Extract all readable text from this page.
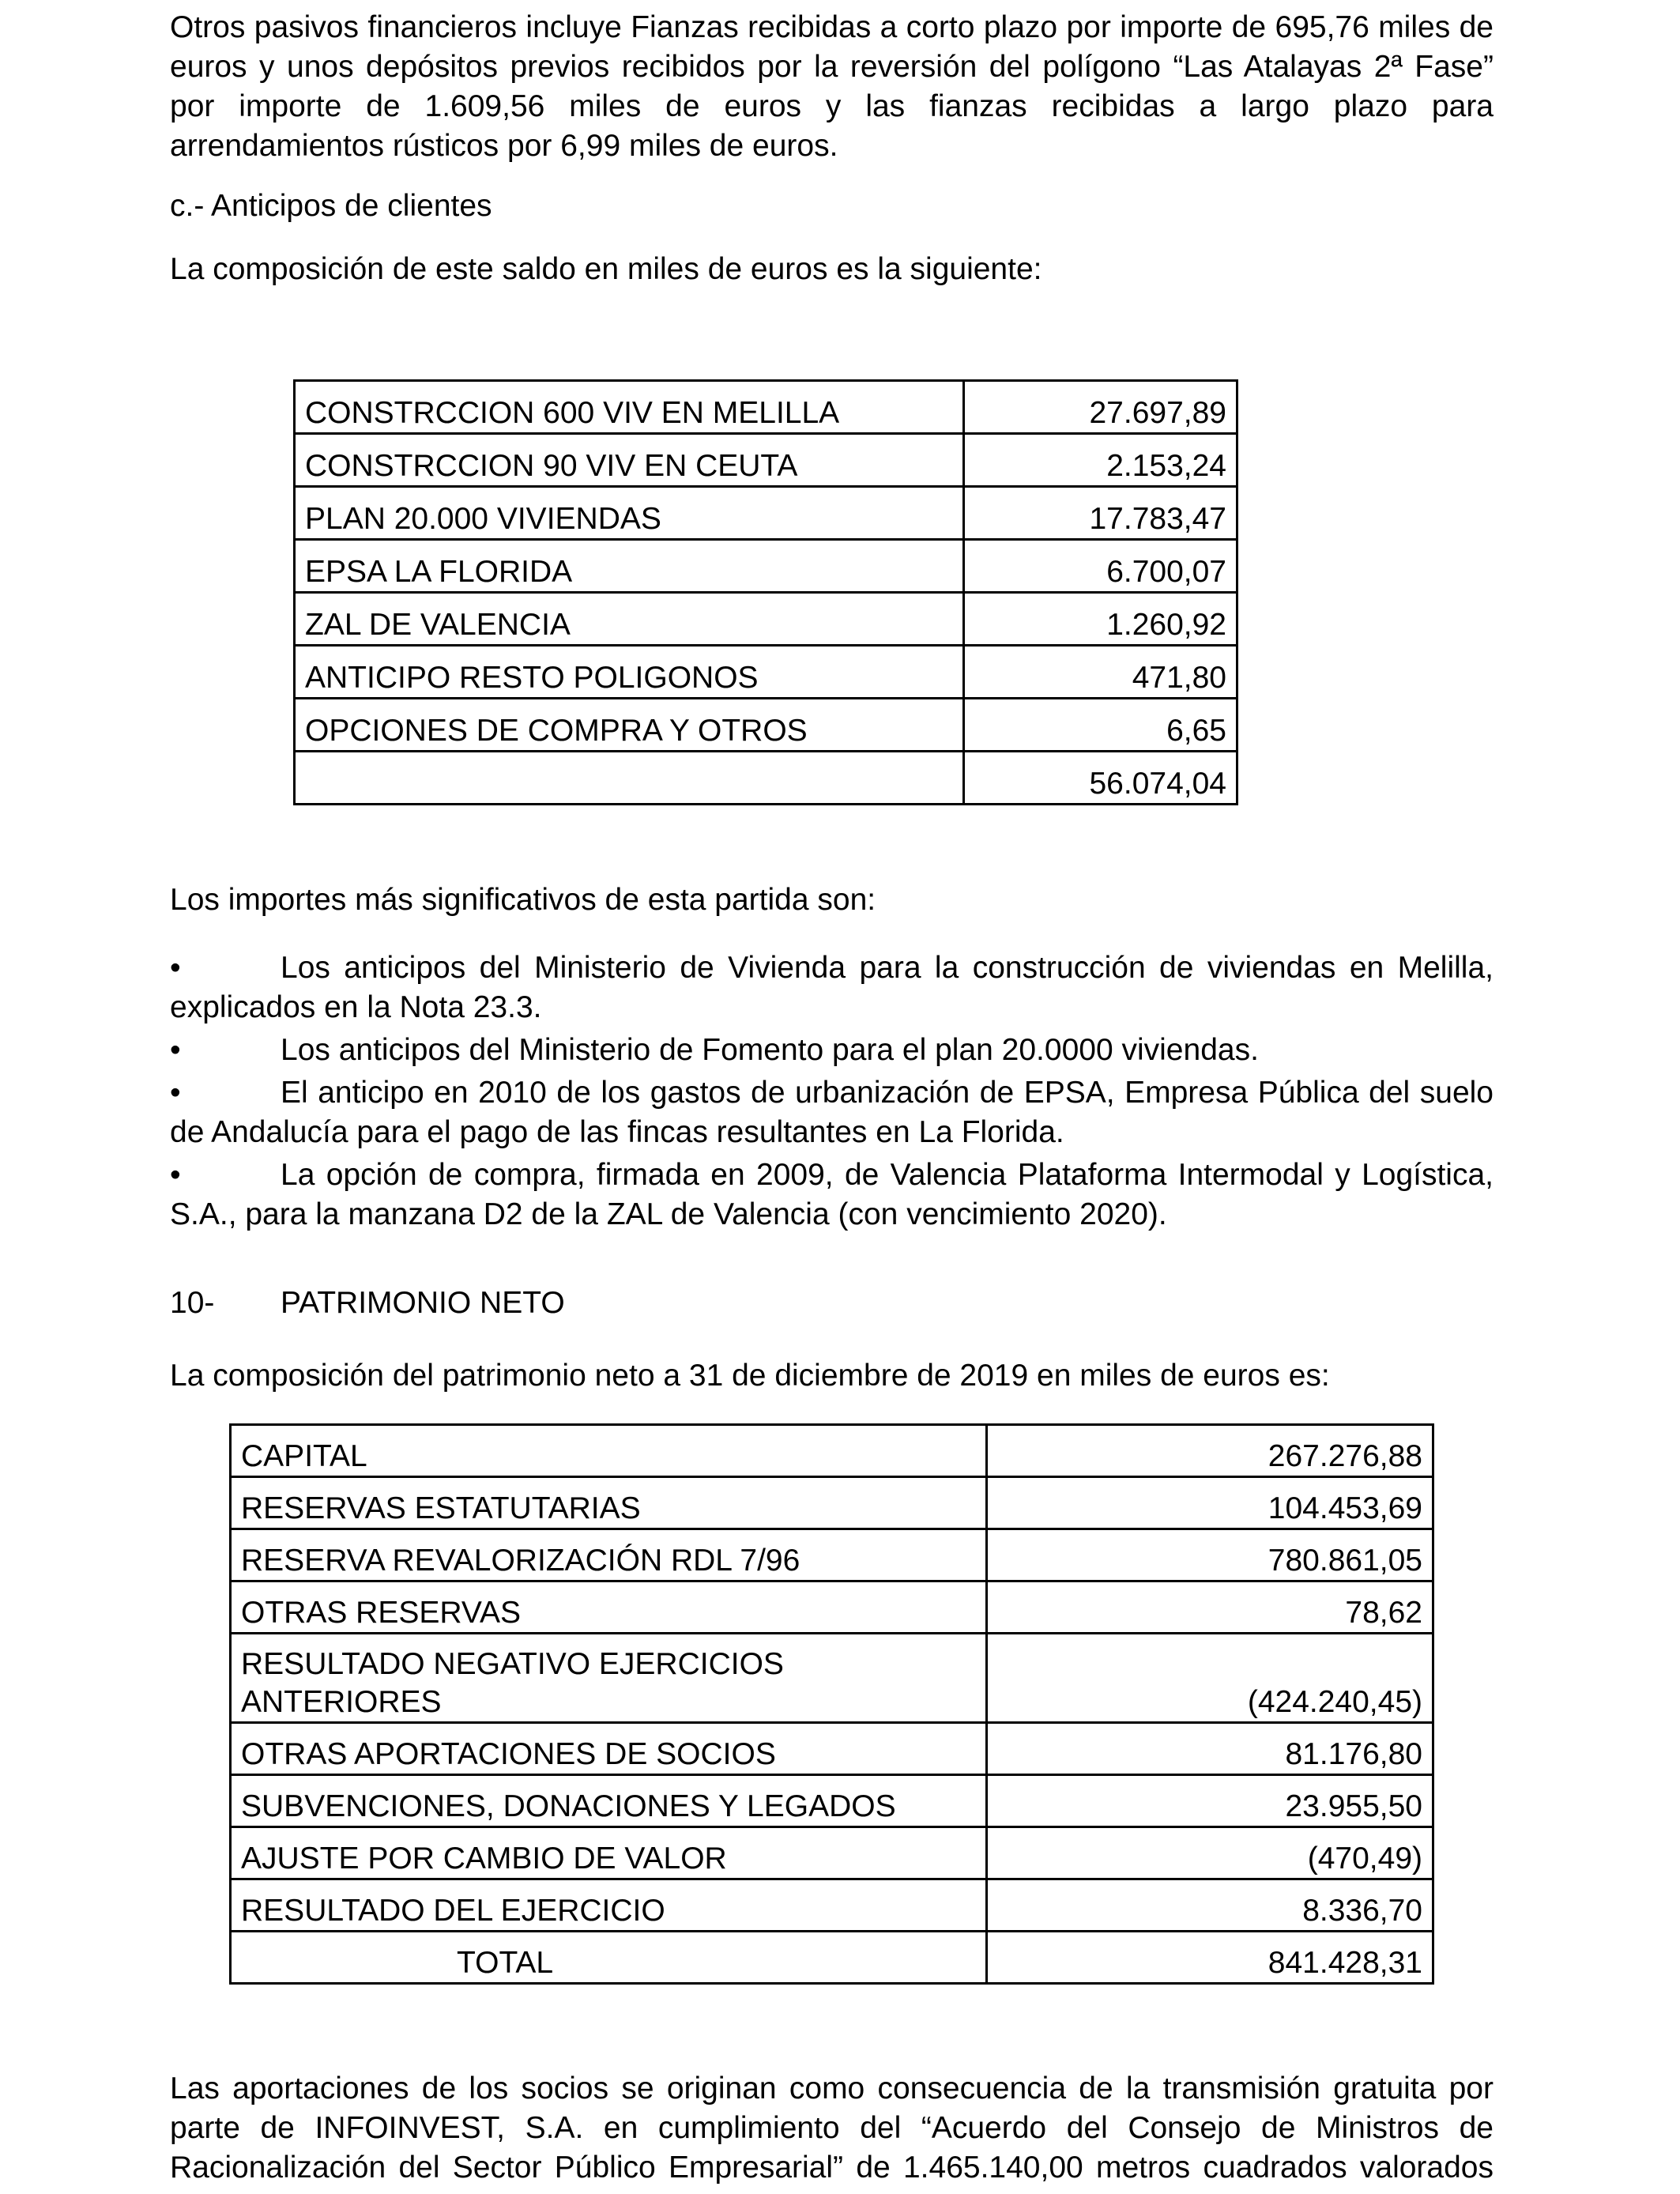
Otros pasivos financieros incluye Fianzas recibidas a corto plazo por importe de 695,76 miles de euros y unos depósitos previos recibidos por la reversión del polígono “Las Atalayas 2ª Fase” por importe de 1.609,56 miles de euros y las fianzas recibidas a largo plazo para arrendamientos rústicos por 6,99 miles de euros.
c.- Anticipos de clientes
La composición de este saldo en miles de euros es la siguiente:
CONSTRCCION 600 VIV EN MELILLA	27.697,89
CONSTRCCION 90 VIV EN CEUTA	2.153,24
PLAN 20.000 VIVIENDAS	17.783,47
EPSA LA FLORIDA	6.700,07
ZAL DE VALENCIA	1.260,92
ANTICIPO RESTO POLIGONOS	471,80
OPCIONES DE COMPRA Y OTROS	6,65
	56.074,04
Los importes más significativos de esta partida son:
•	Los anticipos del Ministerio de Vivienda para la construcción de viviendas en Melilla,
explicados en la Nota 23.3.
•	Los anticipos del Ministerio de Fomento para el plan 20.0000 viviendas.
•	El anticipo en 2010 de los gastos de urbanización de EPSA, Empresa Pública del suelo
de Andalucía para el pago de las fincas resultantes en La Florida.
•	La opción de compra, firmada en 2009, de Valencia Plataforma Intermodal y Logística,
S.A., para la manzana D2 de la ZAL de Valencia (con vencimiento 2020).
10- PATRIMONIO NETO
La composición del patrimonio neto a 31 de diciembre de 2019 en miles de euros es:
CAPITAL	267.276,88
RESERVAS ESTATUTARIAS	104.453,69
RESERVA REVALORIZACIÓN RDL 7/96	780.861,05
OTRAS RESERVAS	78,62

RESULTADO NEGATIVO EJERCICIOS
ANTERIORES	(424.240,45)
OTRAS APORTACIONES DE SOCIOS	81.176,80
SUBVENCIONES, DONACIONES Y LEGADOS	23.955,50
AJUSTE POR CAMBIO DE VALOR	(470,49)
RESULTADO DEL EJERCICIO	8.336,70
TOTAL	841.428,31
Las aportaciones de los socios se originan como consecuencia de la transmisión gratuita por parte de INFOINVEST, S.A. en cumplimiento del “Acuerdo del Consejo de Ministros de Racionalización del Sector Público Empresarial” de 1.465.140,00 metros cuadrados valorados
